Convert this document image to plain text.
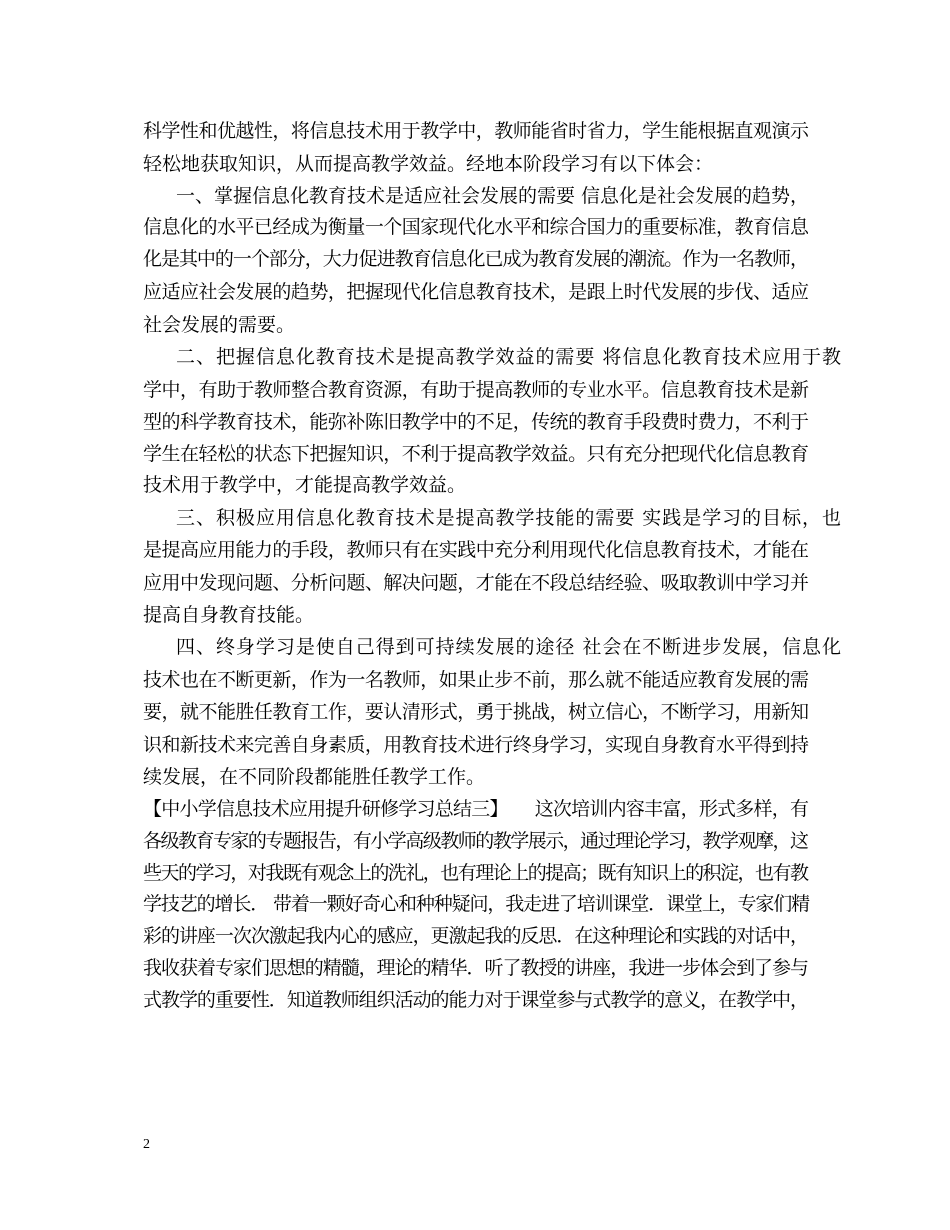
科学性和优越性，将信息技术用于教学中，教师能省时省力，学生能根据直观演示
轻松地获取知识，从而提高教学效益。经地本阶段学习有以下体会：
一、掌握信息化教育技术是适应社会发展的需要 信息化是社会发展的趋势，
信息化的水平已经成为衡量一个国家现代化水平和综合国力的重要标准，教育信息
化是其中的一个部分，大力促进教育信息化已成为教育发展的潮流。作为一名教师，
应适应社会发展的趋势，把握现代化信息教育技术，是跟上时代发展的步伐、适应
社会发展的需要。
二、把握信息化教育技术是提高教学效益的需要 将信息化教育技术应用于教
学中，有助于教师整合教育资源，有助于提高教师的专业水平。信息教育技术是新
型的科学教育技术，能弥补陈旧教学中的不足，传统的教育手段费时费力，不利于
学生在轻松的状态下把握知识，不利于提高教学效益。只有充分把现代化信息教育
技术用于教学中，才能提高教学效益。
三、积极应用信息化教育技术是提高教学技能的需要 实践是学习的目标，也
是提高应用能力的手段，教师只有在实践中充分利用现代化信息教育技术，才能在
应用中发现问题、分析问题、解决问题，才能在不段总结经验、吸取教训中学习并
提高自身教育技能。
四、终身学习是使自己得到可持续发展的途径 社会在不断进步发展，信息化
技术也在不断更新，作为一名教师，如果止步不前，那么就不能适应教育发展的需
要，就不能胜任教育工作，要认清形式，勇于挑战，树立信心，不断学习，用新知
识和新技术来完善自身素质，用教育技术进行终身学习，实现自身教育水平得到持
续发展，在不同阶段都能胜任教学工作。
【中小学信息技术应用提升研修学习总结三】　　这次培训内容丰富，形式多样，有
各级教育专家的专题报告，有小学高级教师的教学展示，通过理论学习，教学观摩，这
些天的学习，对我既有观念上的洗礼，也有理论上的提高；既有知识上的积淀，也有教
学技艺的增长． 带着一颗好奇心和种种疑问，我走进了培训课堂．课堂上，专家们精
彩的讲座一次次激起我内心的感应，更激起我的反思．在这种理论和实践的对话中，
我收获着专家们思想的精髓，理论的精华．听了教授的讲座，我进一步体会到了参与
式教学的重要性．知道教师组织活动的能力对于课堂参与式教学的意义，在教学中，
2
